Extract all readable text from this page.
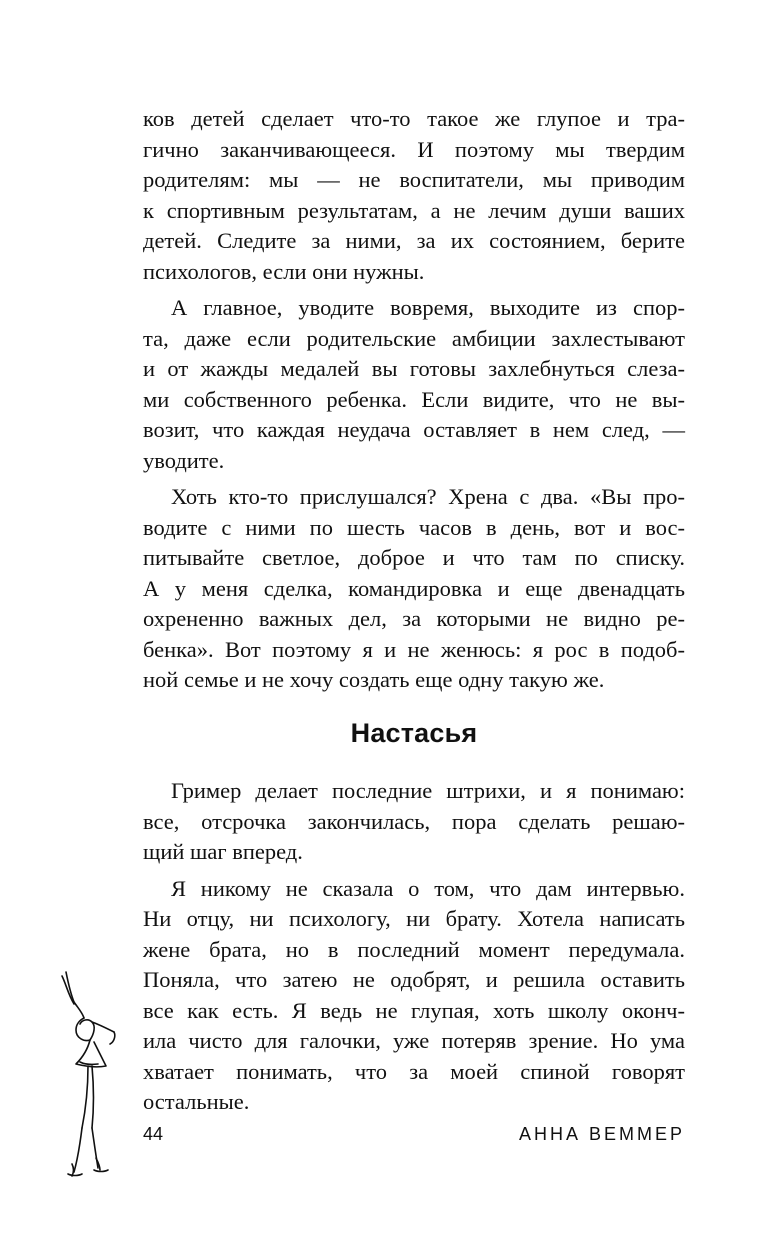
ков детей сделает что-то такое же глупое и тра-
гично заканчивающееся. И поэтому мы твердим
родителям: мы — не воспитатели, мы приводим
к спортивным результатам, а не лечим души ваших
детей. Следите за ними, за их состоянием, берите
психологов, если они нужны.
А главное, уводите вовремя, выходите из спор-
та, даже если родительские амбиции захлестывают
и от жажды медалей вы готовы захлебнуться слеза-
ми собственного ребенка. Если видите, что не вы-
возит, что каждая неудача оставляет в нем след, —
уводите.
Хоть кто-то прислушался? Хрена с два. «Вы про-
водите с ними по шесть часов в день, вот и вос-
питывайте светлое, доброе и что там по списку.
А у меня сделка, командировка и еще двенадцать
охрененно важных дел, за которыми не видно ре-
бенка». Вот поэтому я и не женюсь: я рос в подоб-
ной семье и не хочу создать еще одну такую же.
Настасья
Гример делает последние штрихи, и я понимаю:
все, отсрочка закончилась, пора сделать решаю-
щий шаг вперед.
Я никому не сказала о том, что дам интервью.
Ни отцу, ни психологу, ни брату. Хотела написать
жене брата, но в последний момент передумала.
Поняла, что затею не одобрят, и решила оставить
все как есть. Я ведь не глупая, хоть школу оконч-
ила чисто для галочки, уже потеряв зрение. Но ума
хватает понимать, что за моей спиной говорят
остальные.
44	АННА ВЕММЕР
